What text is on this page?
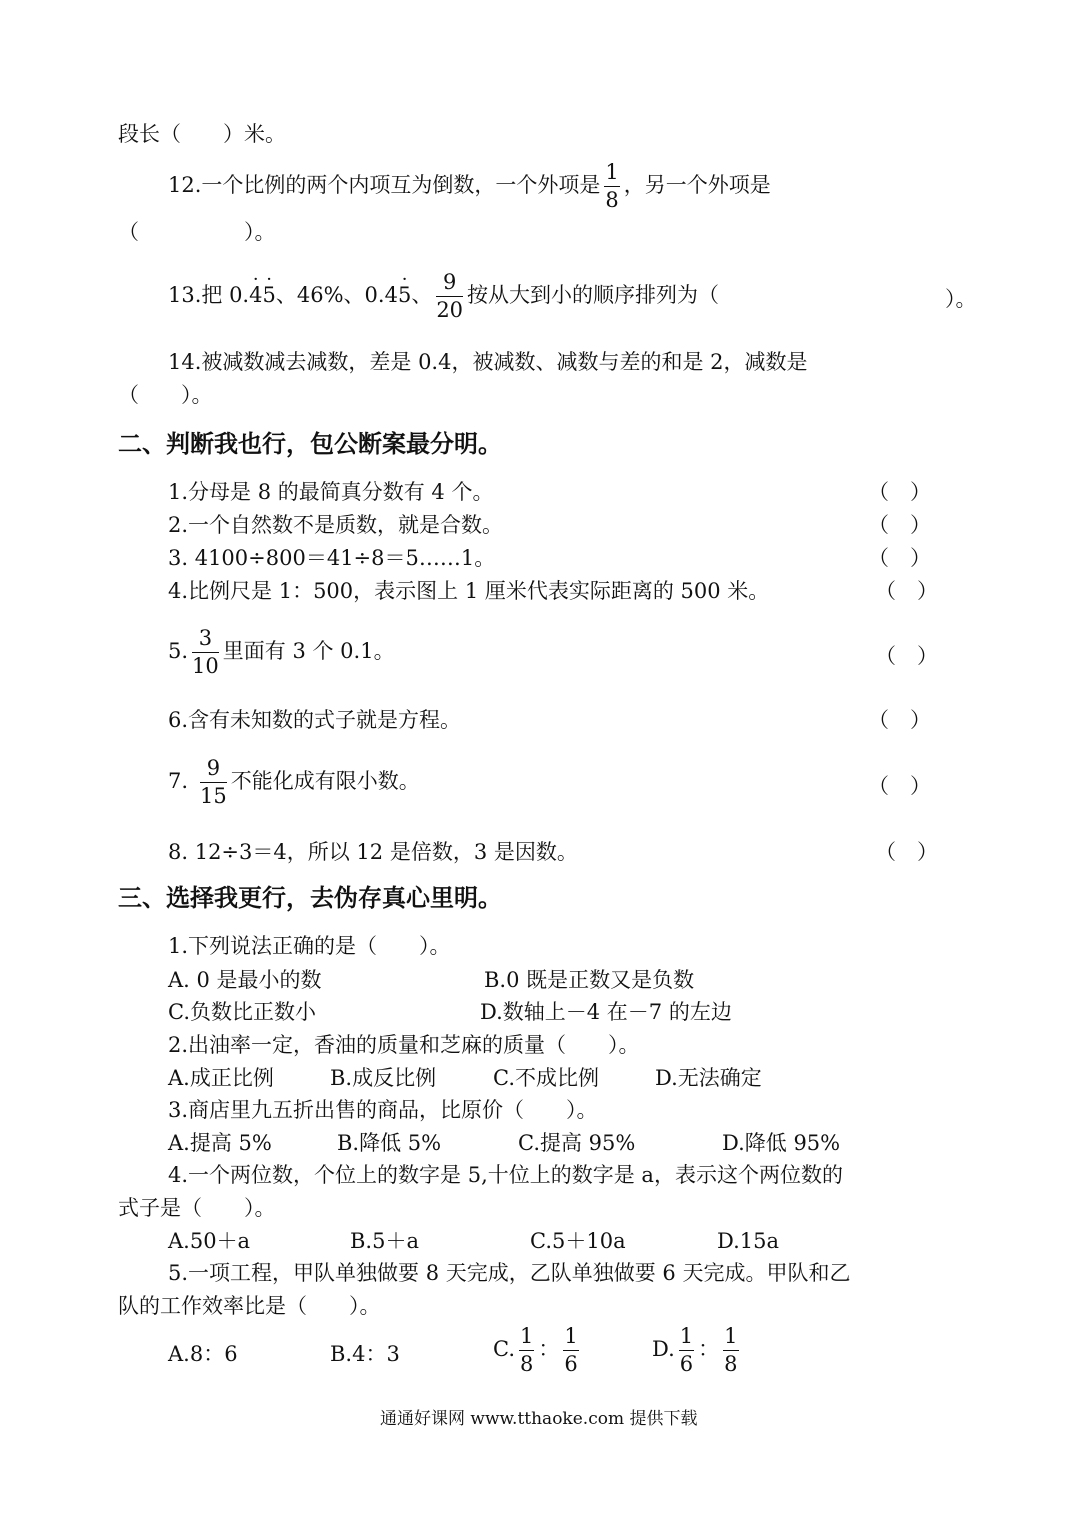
段长（　　）米。
12.一个比例的两个内项互为倒数，一个外项是 $\frac{1}{8}$ ，另一个外项是
（　　　　　）。
13.把 0.· 4· 5、46%、0.4· 5、 $\frac{9}{20}$ 按从大到小的顺序排列为（	）。
14.被减数减去减数，差是 0.4，被减数、减数与差的和是 2，减数是
（　　）。
二、判断我也行，包公断案最分明。
1.分母是 8 的最简真分数有 4 个。	（　）
2.一个自然数不是质数，就是合数。	（　）
3. 4100÷800＝41÷8＝5……1。	（　）
4.比例尺是 1：500，表示图上 1 厘米代表实际距离的 500 米。	（　）
5. $\frac{3}{10}$ 里面有 3 个 0.1。	（　）
6.含有未知数的式子就是方程。	（　）
7. $\frac{9}{15}$ 不能化成有限小数。	（　）
8. 12÷3＝4，所以 12 是倍数，3 是因数。	（　）
三、选择我更行，去伪存真心里明。
1.下列说法正确的是（　　）。
A. 0 是最小的数	B.0 既是正数又是负数
C.负数比正数小	D.数轴上－4 在－7 的左边
2.出油率一定，香油的质量和芝麻的质量（　　）。
A.成正比例	B.成反比例	C.不成比例	D.无法确定
3.商店里九五折出售的商品，比原价（　　）。
A.提高 5%	B.降低 5%	C.提高 95%	D.降低 95%
4.一个两位数，个位上的数字是 5,十位上的数字是 a，表示这个两位数的
式子是（　　）。
A.50＋a	B.5＋a	C.5＋10a	D.15a
5.一项工程，甲队单独做要 8 天完成，乙队单独做要 6 天完成。甲队和乙
队的工作效率比是（　　）。
A.8：6	B.4：3	C. $\frac{1}{8}$ ： $\frac{1}{6}$	D. $\frac{1}{6}$ ： $\frac{1}{8}$
通通好课网 www.tthaoke.com 提供下载
